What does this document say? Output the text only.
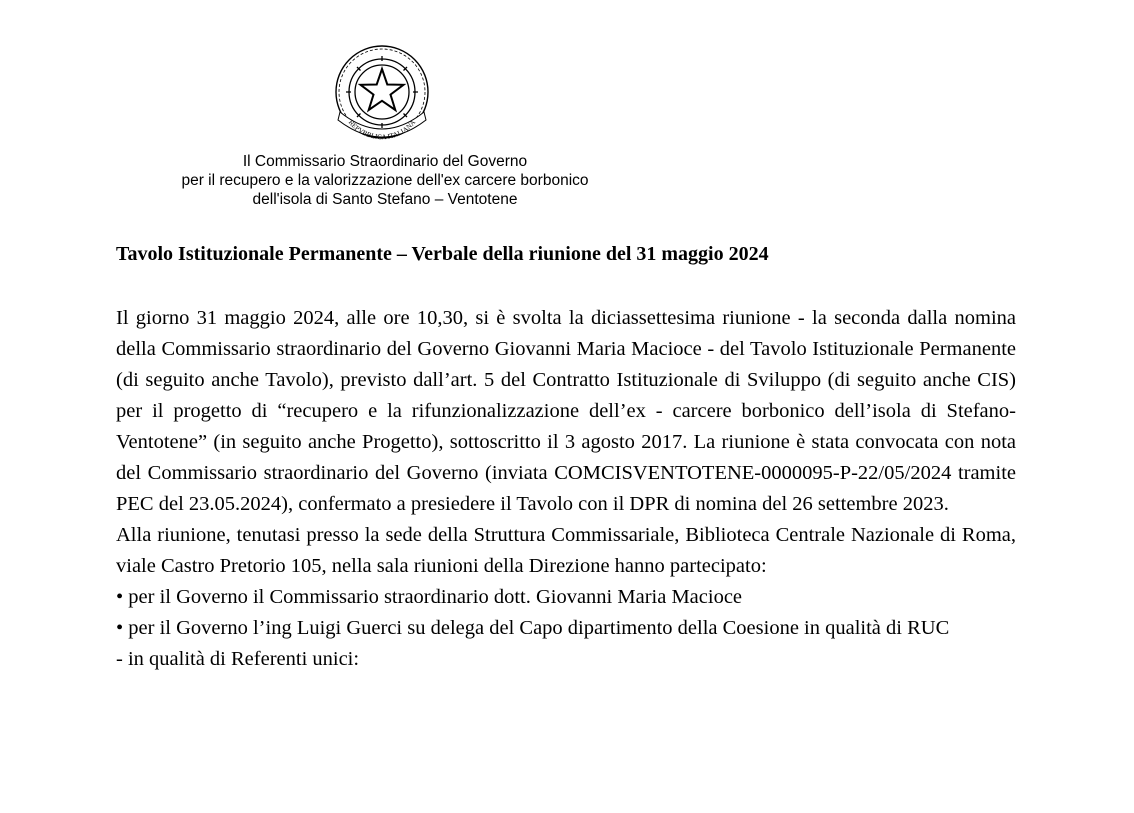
REPVBBLICA ITALIANA
Il Commissario Straordinario del Governo
per il recupero e la valorizzazione dell'ex carcere borbonico
dell'isola di Santo Stefano – Ventotene
Tavolo Istituzionale Permanente – Verbale della riunione del 31 maggio 2024

Il giorno 31 maggio 2024, alle ore 10,30, si è svolta la diciassettesima riunione - la seconda dalla nomina della Commissario straordinario del Governo Giovanni Maria Macioce - del Tavolo Istituzionale Permanente (di seguito anche Tavolo), previsto dall’art. 5 del Contratto Istituzionale di Sviluppo (di seguito anche CIS) per il progetto di “recupero e la rifunzionalizzazione dell’ex - carcere borbonico dell’isola di Stefano-Ventotene” (in seguito anche Progetto), sottoscritto il 3 agosto 2017. La riunione è stata convocata con nota del Commissario straordinario del Governo (inviata COMCISVENTOTENE-0000095-P-22/05/2024 tramite PEC del 23.05.2024), confermato a presiedere il Tavolo con il DPR di nomina del 26 settembre 2023.

Alla riunione, tenutasi presso la sede della Struttura Commissariale, Biblioteca Centrale Nazionale di Roma, viale Castro Pretorio 105, nella sala riunioni della Direzione hanno partecipato:

• per il Governo il Commissario straordinario dott. Giovanni Maria Macioce

• per il Governo l’ing Luigi Guerci su delega del Capo dipartimento della Coesione in qualità di RUC

- in qualità di Referenti unici:
